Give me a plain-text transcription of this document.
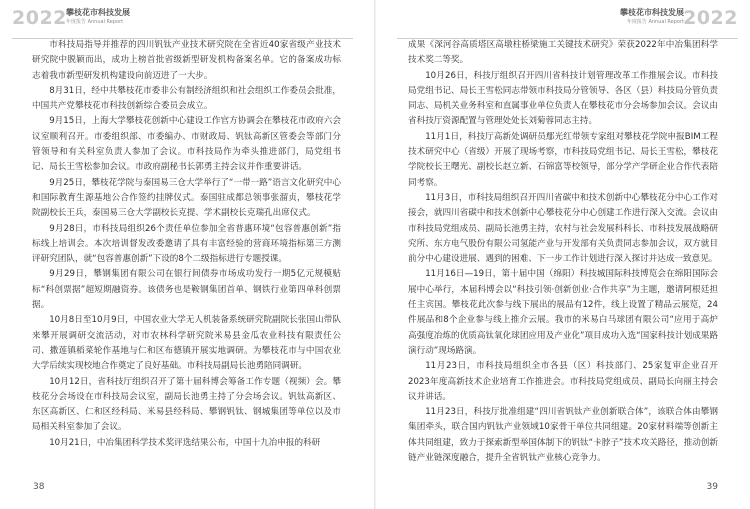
2022 攀枝花市科技发展
年度报告 Annual Report

市科技局指导并推荐的四川钒钛产业技术研究院在全省近40家省级产业技术研究院中脱颖而出，成功上榜首批省级新型研发机构备案名单。它的备案成功标志着我市新型研发机构建设向前迈进了一大步。

8月31日，经中共攀枝花市委非公有制经济组织和社会组织工作委员会批准，中国共产党攀枝花市科技创新综合委员会成立。

9月15日，上海大学攀枝花创新中心建设工作官方协调会在攀枝花市政府六会议室顺利召开。市委组织部、市委编办、市财政局、钒钛高新区管委会等部门分管领导和有关科室负责人参加了会议。市科技局作为牵头推进部门，局党组书记、局长王雪松参加会议。市政府副秘书长郭勇主持会议并作重要讲话。

9月25日，攀枝花学院与泰国易三仓大学举行了“一带一路”语言文化研究中心和国际教育生源基地公合作签约挂牌仪式。泰国驻成都总领事张溜贞，攀枝花学院副校长王兵，泰国易三仓大学副校长克提、学术副校长克瑞孔出席仪式。

9月28日，市科技局组织26个责任单位参加全省普惠环境“包容普惠创新”指标线上培训会。本次培训督发改委邀请了具有丰富经验的营商环境指标第三方测评研究团队，就“包容普惠创新”下设的8个二级指标进行专题授课。

9月29日，攀钢集团有限公司在银行间债券市场成功发行一期5亿元规模贴标“科创票据”超短期融资券。该债务也是鞍钢集团首单、钢铁行业第四单科创票据。

10月8日至10月9日，中国农业大学无人机装备系统研究院副院长张国山带队来攀开展调研交流活动，对市农林科学研究院米易县金瓜农业科技有限责任公司、撒莲镇稻菜轮作基地与仁和区布德镇开展实地调研。为攀枝花市与中国农业大学后续实现校地合作奠定了良好基础。市科技局副局长池勇陪同调研。

10月12日，省科技厅组织召开了第十届科博会筹备工作专题（视频）会。攀枝花分会场设在市科技局会议室，副局长池勇主持了分会场会议。钒钛高新区、东区高新区、仁和区经科局、米易县经科局、攀钢钒钛、钢城集团等单位以及市局相关科室参加了会议。

10月21日，中冶集团科学技术奖评选结果公布，中国十九冶申报的科研

38
攀枝花市科技发展
年度报告 Annual Report 2022

成果《深河谷高质塔区高墩柱桥梁施工关键技术研究》荣获2022年中冶集团科学技术奖二等奖。

10月26日，科技厅组织召开四川省科技计划管理改革工作推展会议。市科技局党组书记、局长王雪松同志带领市科技局分管领导、各区（县）科技局分管负责同志、局机关业务科室和直属事业单位负责人在攀枝花市分会场参加会议。会议由省科技厅资源配置与管理处处长刘菊蓉同志主持。

11月1日，科技厅高新处调研员鄢光红带领专家组对攀枝花学院申报BIM工程技术研究中心（省级）开展了现场考察，市科技局党组书记、局长王雪松，攀枝花学院校长王曙光、副校长赵立新、石锦富等校领导，部分学产学研企业合作代表陪同考察。

11月3日，市科技局组织召开四川省碳中和技术创新中心攀枝花分中心工作对接会，就四川省碳中和技术创新中心攀枝花分中心创建工作进行深入交流。会议由市科技局党组成员、副局长池勇主持，农村与社会发展科科长、市科技发展战略研究所、东方电气股份有限公司氢能产业与开发部有关负责同志参加会议，双方就目前分中心建设进展、遇到的困难、下一步工作计划进行深入探讨并达成一致意见。

11月16日—19日，第十届中国（绵阳）科技城国际科技博览会在绵阳国际会展中心举行，本届科博会以“科技引领·创新创业·合作共享”为主题，邀请阿根廷担任主宾国。攀枝花此次参与线下展出的展品有12件，线上设置了精品云展览，24件展品和8个企业参与线上推介云展。我市的米易白马球团有限公司“应用于高炉高强度冶炼的优质高钛氧化球团应用及产业化”项目成功入选“国家科技计划成果路演行动”现场路演。

11月23日，市科技局组织全市各县（区）科技部门、25家复审企业召开2023年度高新技术企业培育工作推进会。市科技局党组成员、副局长向丽主持会议并讲话。

11月23日，科技厅批准组建“四川省钒钛产业创新联合体”，该联合体由攀钢集团牵头，联合国内钒钛产业领域10家骨干单位共同组建。20家材料端等创新主体共同组建，致力于探索新型举国体制下的钒钛“卡脖子”技术攻关路径，推动创新链产业链深度融合，提升全省钒钛产业核心竞争力。

39
